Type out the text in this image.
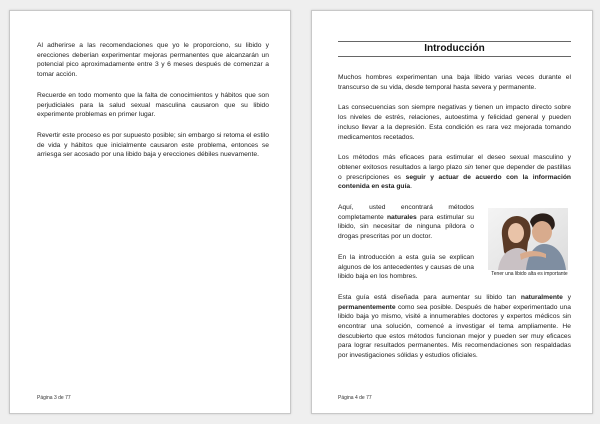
Al adherirse a las recomendaciones que yo le proporciono, su libido y erecciones deberían experimentar mejoras permanentes que alcanzarán un potencial pico aproximadamente entre 3 y 6 meses después de comenzar a tomar acción.

Recuerde en todo momento que la falta de conocimientos y hábitos que son perjudiciales para la salud sexual masculina causaron que su libido experimente problemas en primer lugar.

Revertir este proceso es por supuesto posible; sin embargo si retoma el estilo de vida y hábitos que inicialmente causaron este problema, entonces se arriesga ser acosado por una libido baja y erecciones débiles nuevamente.

Página 3 de 77
Introducción

Muchos hombres experimentan una baja libido varias veces durante el transcurso de su vida, desde temporal hasta severa y permanente.

Las consecuencias son siempre negativas y tienen un impacto directo sobre los niveles de estrés, relaciones, autoestima y felicidad general y pueden incluso llevar a la depresión. Esta condición es rara vez mejorada tomando medicamentos recetados.

Los métodos más eficaces para estimular el deseo sexual masculino y obtener exitosos resultados a largo plazo sin tener que depender de pastillas o prescripciones es seguir y actuar de acuerdo con la información contenida en esta guía.

Aquí, usted encontrará métodos completamente naturales para estimular su libido, sin necesitar de ninguna píldora o drogas prescritas por un doctor.

En la introducción a esta guía se explican algunos de los antecedentes y causas de una libido baja en los hombres.	Tener una libido alta es importante

Esta guía está diseñada para aumentar su libido tan naturalmente y permanentemente como sea posible. Después de haber experimentado una libido baja yo mismo, visité a innumerables doctores y expertos médicos sin encontrar una solución, comencé a investigar el tema ampliamente. He descubierto que estos métodos funcionan mejor y pueden ser muy eficaces para lograr resultados permanentes. Mis recomendaciones son respaldadas por investigaciones sólidas y estudios oficiales.

Página 4 de 77
